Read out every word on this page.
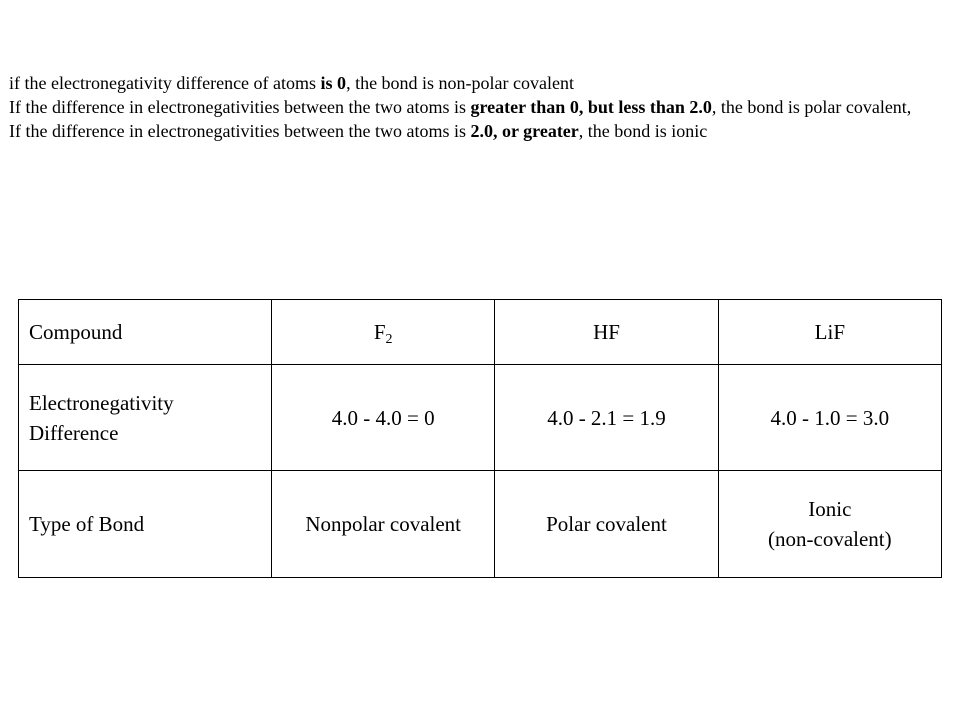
if the electronegativity difference of atoms is 0, the bond is non-polar covalent

If the difference in electronegativities between the two atoms is greater than 0, but less than 2.0, the bond is polar covalent,

If the difference in electronegativities between the two atoms is 2.0, or greater, the bond is ionic

Compound	$F_2$	HF	LiF
Electronegativity
Difference	4.0 - 4.0 = 0	4.0 - 2.1 = 1.9	4.0 - 1.0 = 3.0
Type of Bond	Nonpolar covalent	Polar covalent	Ionic
(non-covalent)
